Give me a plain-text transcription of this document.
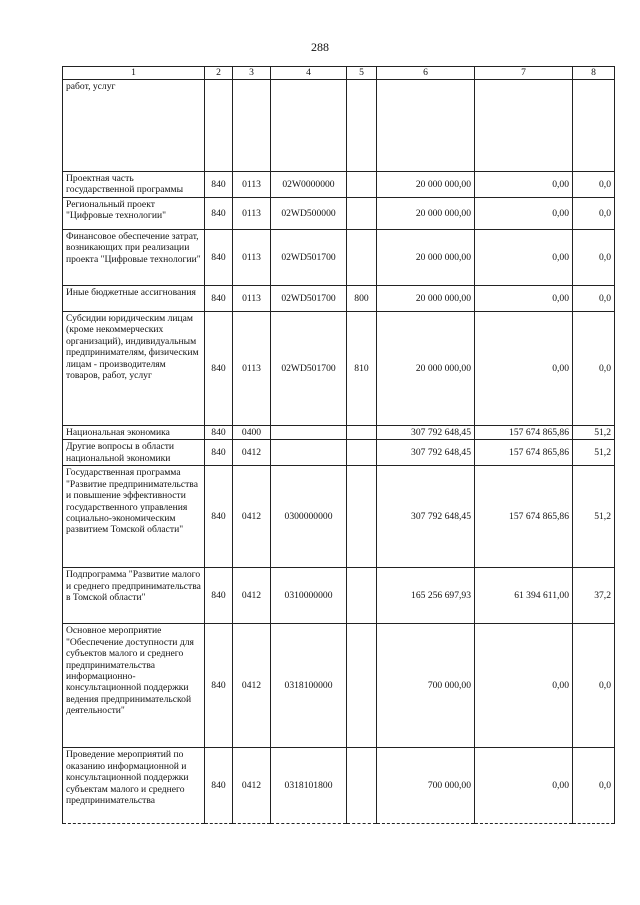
288
1	2	3	4	5	6	7	8
работ, услуг							
Проектная часть государственной программы	840	0113	02W0000000		20 000 000,00	0,00	0,0
Региональный проект "Цифровые технологии"	840	0113	02WD500000		20 000 000,00	0,00	0,0
Финансовое обеспечение затрат, возникающих при реализации проекта "Цифровые технологии"	840	0113	02WD501700		20 000 000,00	0,00	0,0
Иные бюджетные ассигнования	840	0113	02WD501700	800	20 000 000,00	0,00	0,0
Субсидии юридическим лицам (кроме некоммерческих организаций), индивидуальным предпринимателям, физическим лицам - производителям товаров, работ, услуг	840	0113	02WD501700	810	20 000 000,00	0,00	0,0
Национальная экономика	840	0400			307 792 648,45	157 674 865,86	51,2
Другие вопросы в области национальной экономики	840	0412			307 792 648,45	157 674 865,86	51,2
Государственная программа "Развитие предпринимательства и повышение эффективности государственного управления социально-экономическим развитием Томской области"	840	0412	0300000000		307 792 648,45	157 674 865,86	51,2
Подпрограмма "Развитие малого и среднего предпринимательства в Томской области"	840	0412	0310000000		165 256 697,93	61 394 611,00	37,2
Основное мероприятие "Обеспечение доступности для субъектов малого и среднего предпринимательства информационно-консультационной поддержки ведения предпринимательской деятельности"	840	0412	0318100000		700 000,00	0,00	0,0
Проведение мероприятий по оказанию информационной и консультационной поддержки субъектам малого и среднего предпринимательства	840	0412	0318101800		700 000,00	0,00	0,0
